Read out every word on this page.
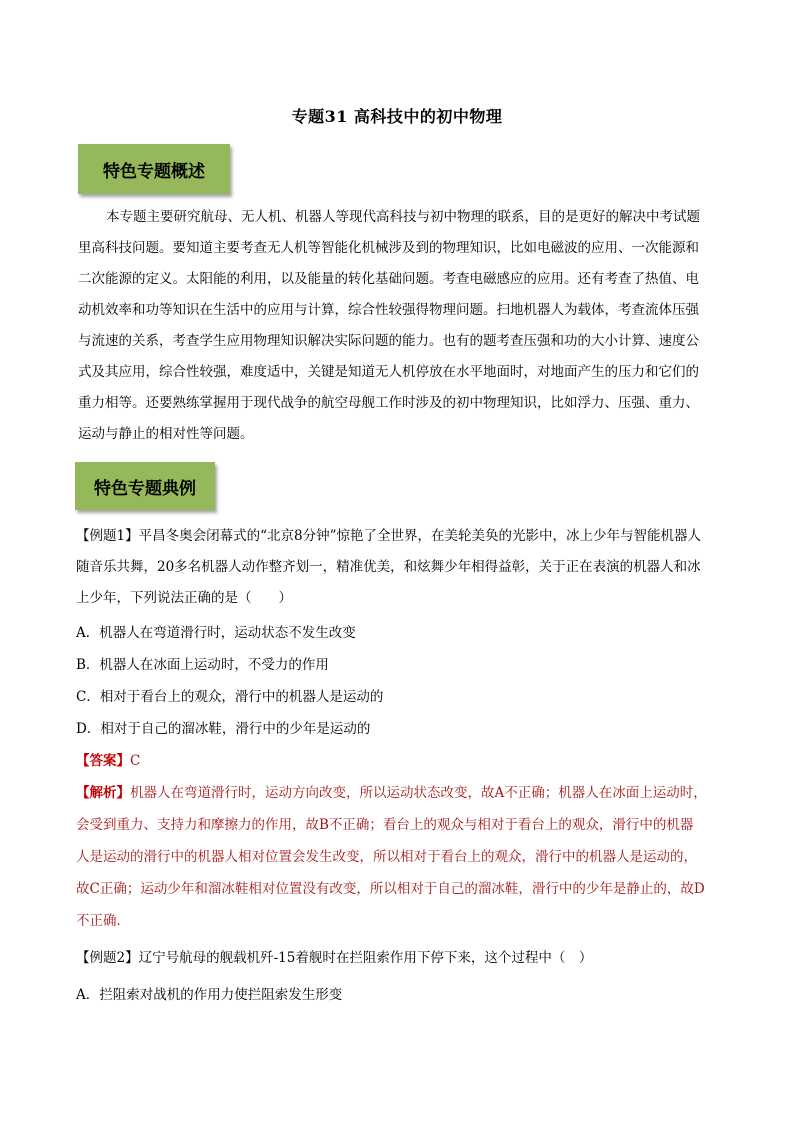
专题31 高科技中的初中物理
特色专题概述
本专题主要研究航母、无人机、机器人等现代高科技与初中物理的联系，目的是更好的解决中考试题
里高科技问题。要知道主要考查无人机等智能化机械涉及到的物理知识，比如电磁波的应用、一次能源和
二次能源的定义。太阳能的利用，以及能量的转化基础问题。考查电磁感应的应用。还有考查了热值、电
动机效率和功等知识在生活中的应用与计算，综合性较强得物理问题。扫地机器人为载体，考查流体压强
与流速的关系，考查学生应用物理知识解决实际问题的能力。也有的题考查压强和功的大小计算、速度公
式及其应用，综合性较强，难度适中，关键是知道无人机停放在水平地面时，对地面产生的压力和它们的
重力相等。还要熟练掌握用于现代战争的航空母舰工作时涉及的初中物理知识，比如浮力、压强、重力、
运动与静止的相对性等问题。
特色专题典例
【例题1】平昌冬奥会闭幕式的“北京8分钟”惊艳了全世界，在美轮美奂的光影中，冰上少年与智能机器人
随音乐共舞，20多名机器人动作整齐划一，精准优美，和炫舞少年相得益彰，关于正在表演的机器人和冰
上少年，下列说法正确的是（　　）
A．机器人在弯道滑行时，运动状态不发生改变
B．机器人在冰面上运动时，不受力的作用
C．相对于看台上的观众，滑行中的机器人是运动的
D．相对于自己的溜冰鞋，滑行中的少年是运动的
【答案】C
【解析】机器人在弯道滑行时，运动方向改变，所以运动状态改变，故A不正确；机器人在冰面上运动时，
会受到重力、支持力和摩擦力的作用，故B不正确；看台上的观众与相对于看台上的观众，滑行中的机器
人是运动的滑行中的机器人相对位置会发生改变，所以相对于看台上的观众，滑行中的机器人是运动的，
故C正确；运动少年和溜冰鞋相对位置没有改变，所以相对于自己的溜冰鞋，滑行中的少年是静止的，故D
不正确．
【例题2】辽宁号航母的舰载机歼-15着舰时在拦阻索作用下停下来，这个过程中（　）
A．拦阻索对战机的作用力使拦阻索发生形变
